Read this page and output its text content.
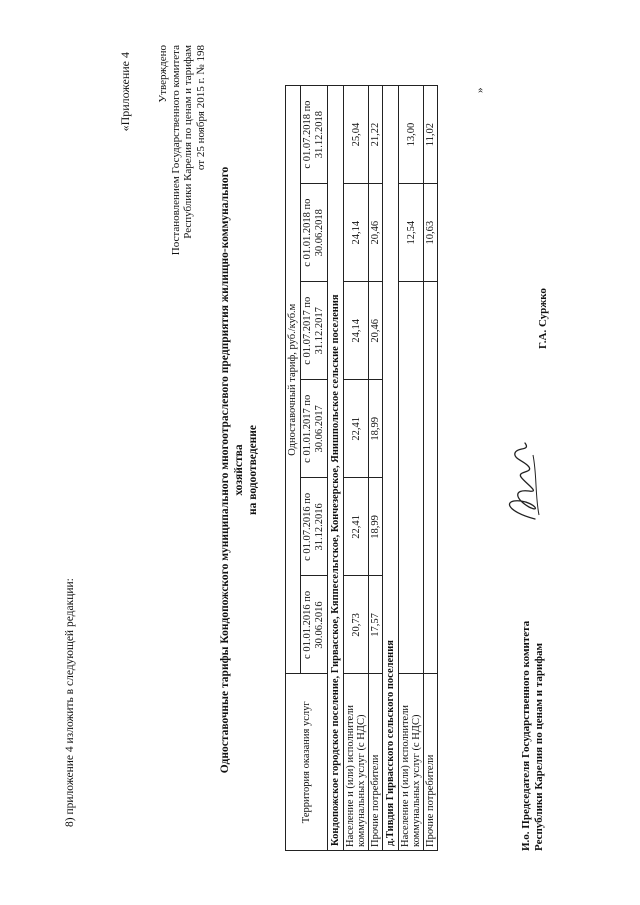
8) приложение 4 изложить в следующей редакции:
«Приложение 4 Утверждено Постановлением Государственного комитета Республики Карелия по ценам и тарифам от 25 ноября 2015 г. № 198
Одноставочные тарифы Кондопожского муниципального многоотраслевого предприятия жилищно-коммунального хозяйства на водоотведение
Территория оказания услуг	Одноставочный тариф, руб./куб.м					
	с 01.01.2016 по 30.06.2016	с 01.07.2016 по 31.12.2016	с 01.01.2017 по 30.06.2017	с 01.07.2017 по 31.12.2017	с 01.01.2018 по 30.06.2018	с 01.07.2018 по 31.12.2018
Кондопожское городское поселение, Гирвасское, Кяппесельгское, Кончезерское, Янишпольское сельские поселения						
Население и (или) исполнители коммунальных услуг (с НДС)	20,73	22,41	22,41	24,14	24,14	25,04
Прочие потребители	17,57	18,99	18,99	20,46	20,46	21,22
д.Тивдия Гирвасского сельского поселения						
Население и (или) исполнители коммунальных услуг (с НДС)					12,54	13,00
Прочие потребители					10,63	11,02
»
И.о. Председателя Государственного комитета Республики Карелия по ценам и тарифам
Г.А. Суржко
